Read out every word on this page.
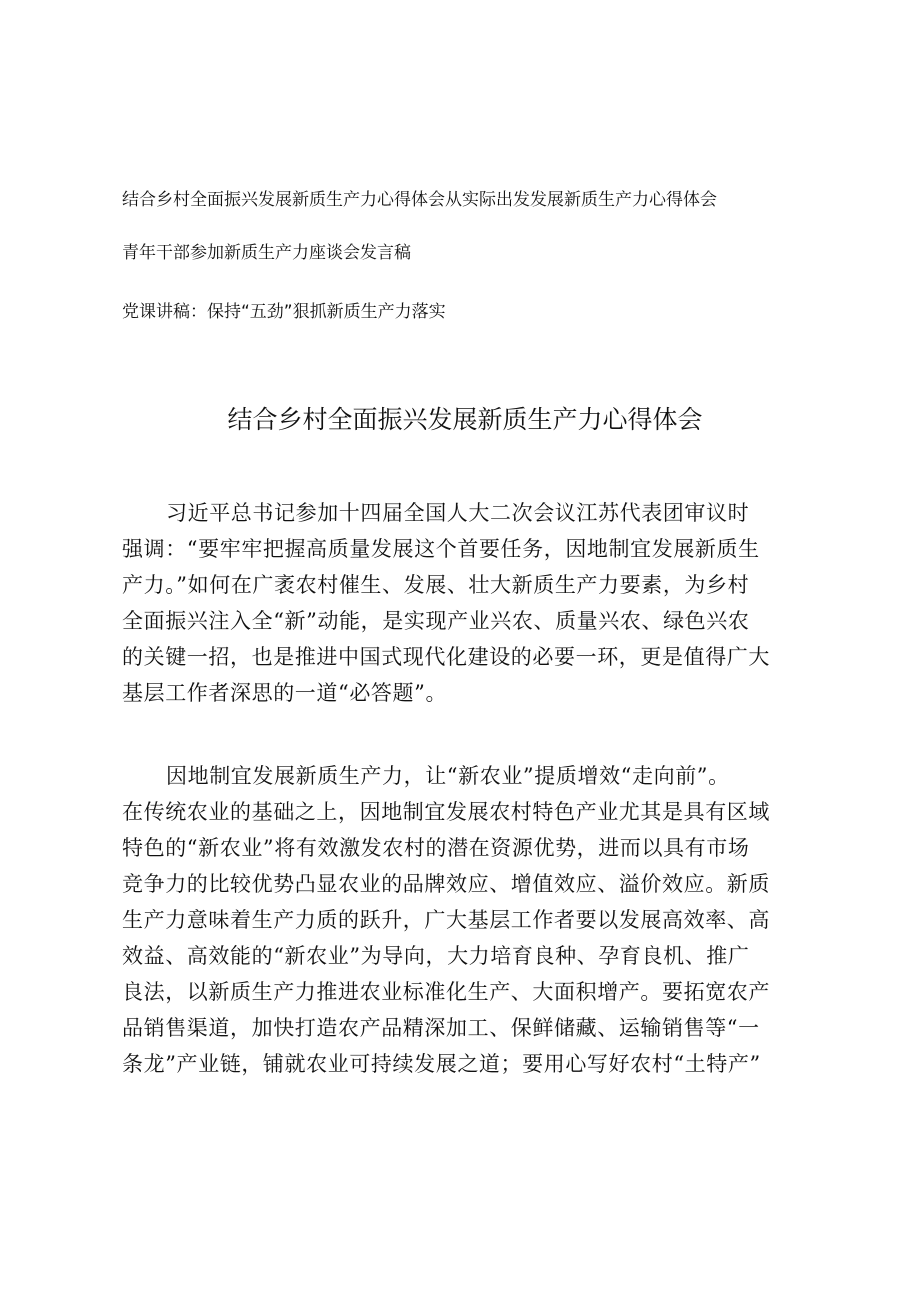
结合乡村全面振兴发展新质生产力心得体会从实际出发发展新质生产力心得体会
青年干部参加新质生产力座谈会发言稿
党课讲稿：保持“五劲”狠抓新质生产力落实
结合乡村全面振兴发展新质生产力心得体会
习近平总书记参加十四届全国人大二次会议江苏代表团审议时
强调：“要牢牢把握高质量发展这个首要任务，因地制宜发展新质生
产力。”如何在广袤农村催生、发展、壮大新质生产力要素，为乡村
全面振兴注入全“新”动能，是实现产业兴农、质量兴农、绿色兴农
的关键一招，也是推进中国式现代化建设的必要一环，更是值得广大
基层工作者深思的一道“必答题”。
因地制宜发展新质生产力，让“新农业”提质增效“走向前”。
在传统农业的基础之上，因地制宜发展农村特色产业尤其是具有区域
特色的“新农业”将有效激发农村的潜在资源优势，进而以具有市场
竞争力的比较优势凸显农业的品牌效应、增值效应、溢价效应。新质
生产力意味着生产力质的跃升，广大基层工作者要以发展高效率、高
效益、高效能的“新农业”为导向，大力培育良种、孕育良机、推广
良法，以新质生产力推进农业标准化生产、大面积增产。要拓宽农产
品销售渠道，加快打造农产品精深加工、保鲜储藏、运输销售等“一
条龙”产业链，铺就农业可持续发展之道；要用心写好农村“土特产”
